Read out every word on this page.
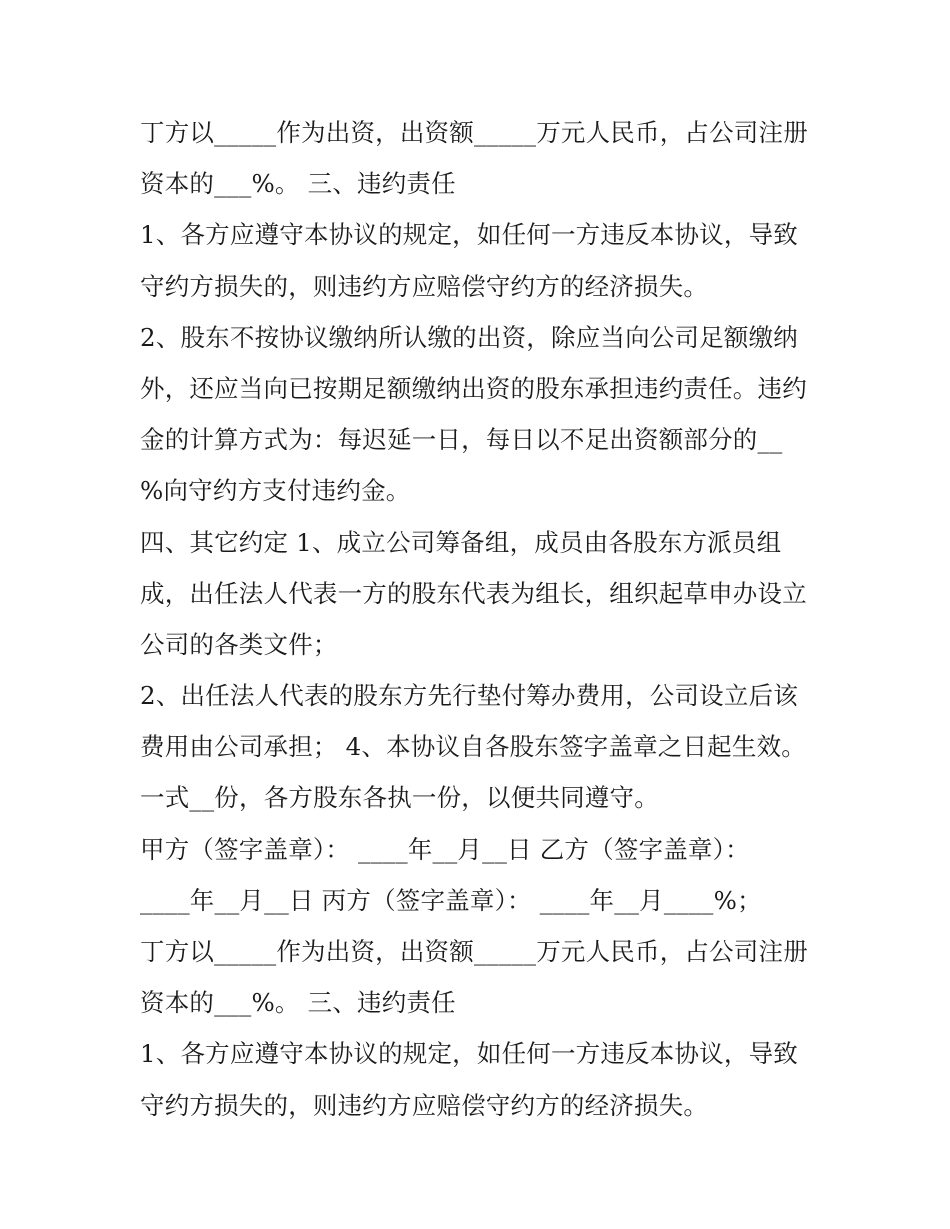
丁方以_____作为出资，出资额_____万元人民币，占公司注册
资本的___%。 三、违约责任
1、各方应遵守本协议的规定，如任何一方违反本协议，导致
守约方损失的，则违约方应赔偿守约方的经济损失。
2、股东不按协议缴纳所认缴的出资，除应当向公司足额缴纳
外，还应当向已按期足额缴纳出资的股东承担违约责任。违约
金的计算方式为：每迟延一日，每日以不足出资额部分的__
%向守约方支付违约金。
四、其它约定 1、成立公司筹备组，成员由各股东方派员组
成，出任法人代表一方的股东代表为组长，组织起草申办设立
公司的各类文件；
2、出任法人代表的股东方先行垫付筹办费用，公司设立后该
费用由公司承担； 4、本协议自各股东签字盖章之日起生效。
一式__份，各方股东各执一份，以便共同遵守。
甲方（签字盖章）： ____年__月__日 乙方（签字盖章）：
____年__月__日 丙方（签字盖章）： ____年__月____%；
丁方以_____作为出资，出资额_____万元人民币，占公司注册
资本的___%。 三、违约责任
1、各方应遵守本协议的规定，如任何一方违反本协议，导致
守约方损失的，则违约方应赔偿守约方的经济损失。
